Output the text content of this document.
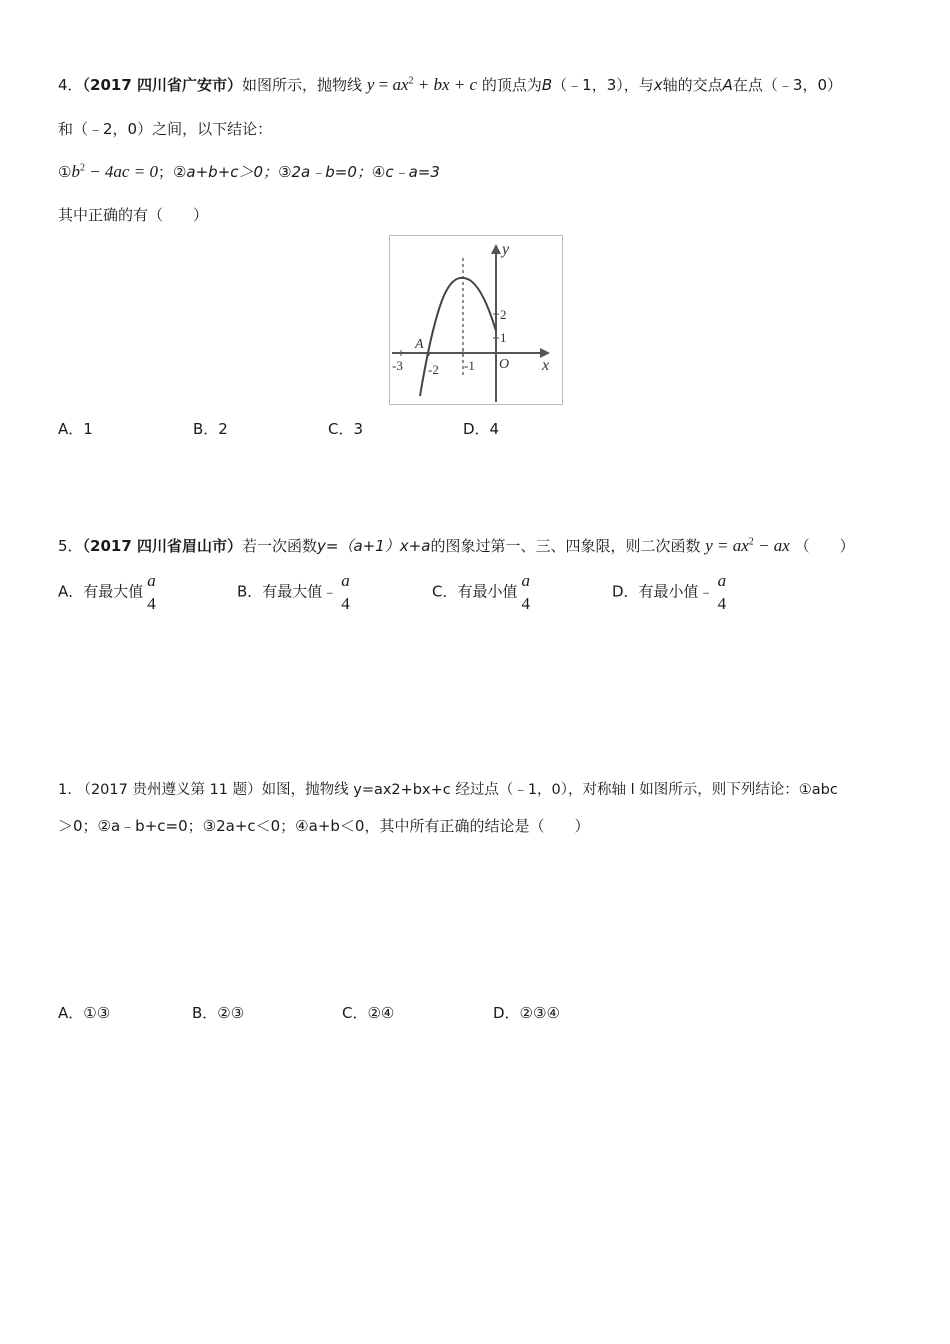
4．（2017 四川省广安市）如图所示，抛物线 $y = ax^2$ + bx + c 的顶点为B（﹣1，3），与x轴的交点A在点（﹣3，0）
和（﹣2，0）之间，以下结论：
$①b^2 - 4ac = 0$；②a+b+c＞0；③2a﹣b=0；④c﹣a=3
其中正确的有（　　）
y
x
O
A
-3 -2 -1
2
1
A．1	B．2	C．3	D．4
5．（2017 四川省眉山市）若一次函数y=（a+1）x+a的图象过第一、三、四象限，则二次函数 $y = ax^2$ − ax （　　）
A．有最大值
a
4
B．有最大值﹣
a
4
C．有最小值
a
4
D．有最小值﹣
a
4
1. （2017 贵州遵义第 11 题）如图，抛物线 y=ax2+bx+c 经过点（﹣1，0），对称轴 l 如图所示，则下列结论：①abc
＞0；②a﹣b+c=0；③2a+c＜0；④a+b＜0，其中所有正确的结论是（　　）
A．①③	B．②③	C．②④	D．②③④
